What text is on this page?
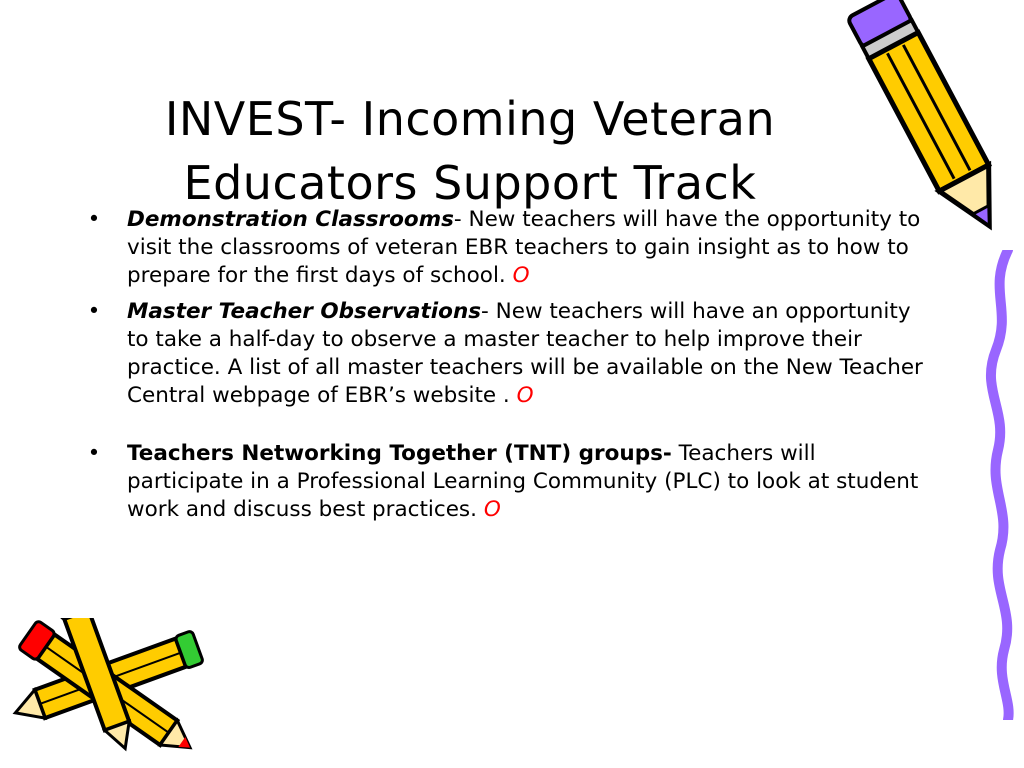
INVEST- Incoming Veteran
Educators Support Track
• Demonstration Classrooms- New teachers will have the opportunity to visit the classrooms of veteran EBR teachers to gain insight as to how to prepare for the first days of school. O
• Master Teacher Observations- New teachers will have an opportunity to take a half-day to observe a master teacher to help improve their practice. A list of all master teachers will be available on the New Teacher Central webpage of EBR’s website . O
• Teachers Networking Together (TNT) groups- Teachers will participate in a Professional Learning Community (PLC) to look at student work and discuss best practices. O
